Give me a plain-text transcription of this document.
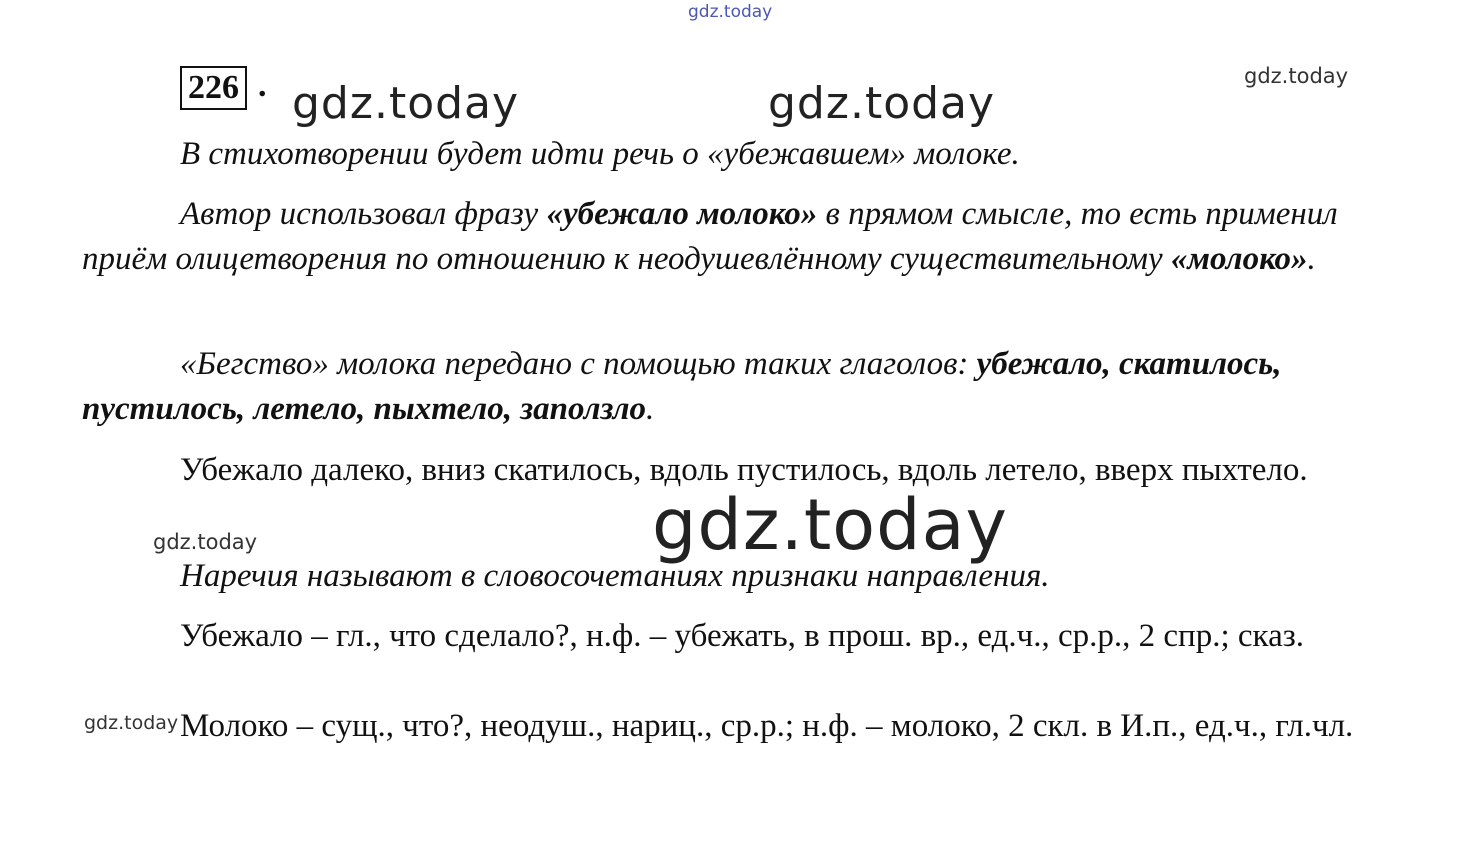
gdz.today
gdz.today
gdz.today	gdz.today
gdz.today
gdz.today
226 .

В стихотворении будет идти речь о «убежавшем» молоке.

Автор использовал фразу «убежало молоко» в прямом смысле, то есть применил приём олицетворения по отношению к неодушевлённому существительному «молоко».

«Бегство» молока передано с помощью таких глаголов: убежало, скатилось, пустилось, летело, пыхтело, заползло.

Убежало далеко, вниз скатилось, вдоль пустилось, вдоль летело, вверх пыхтело.

Наречия называют в словосочетаниях признаки направления.

Убежало – гл., что сделало?, н.ф. – убежать, в прош. вр., ед.ч., ср.р., 2 спр.; сказ.

Молоко – сущ., что?, неодуш., нариц., ср.р.; н.ф. – молоко, 2 скл. в И.п., ед.ч., гл.чл.

gdz.today
